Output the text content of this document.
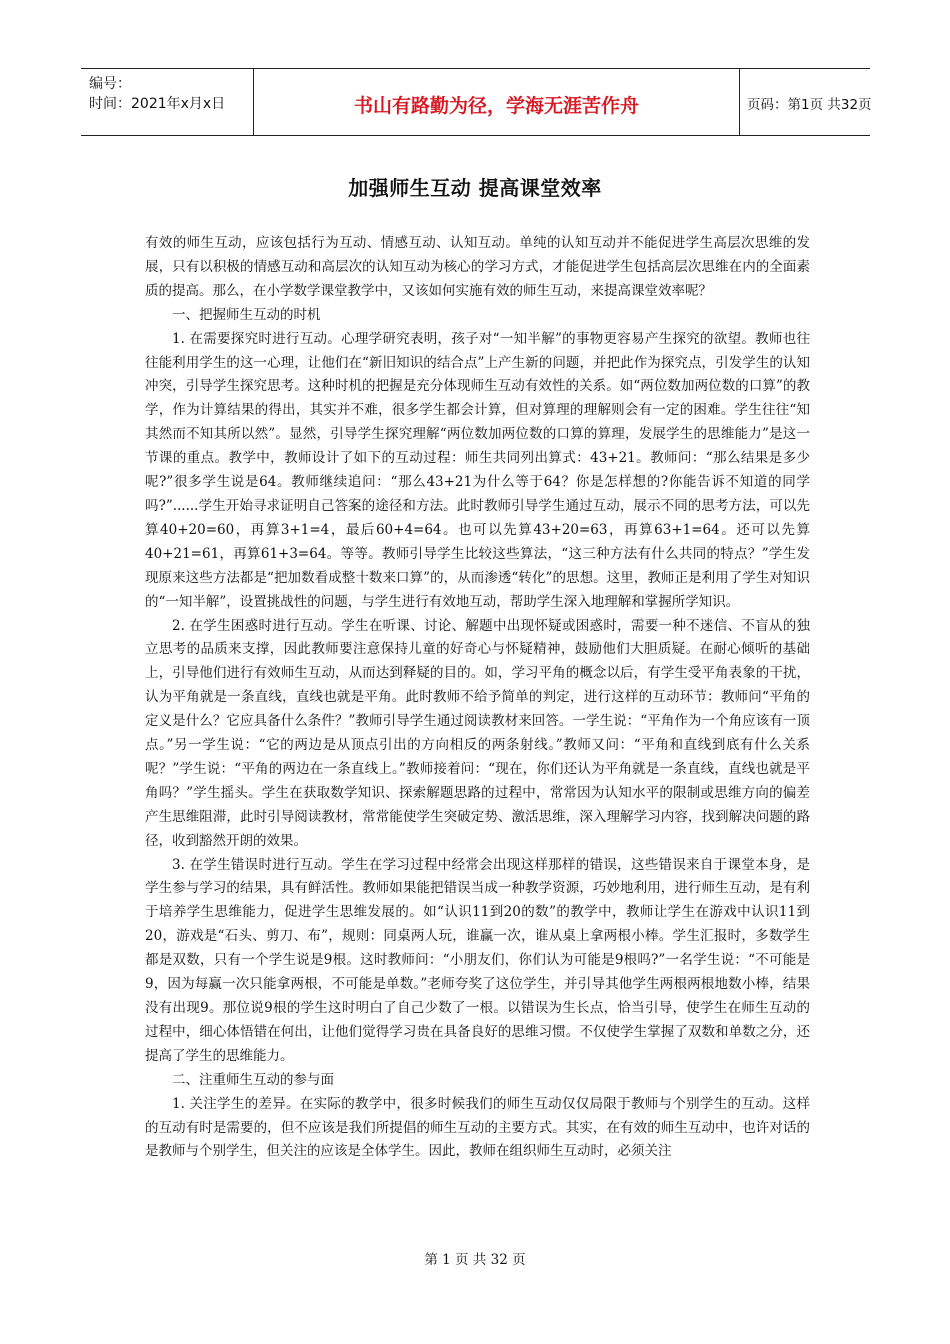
编号：
时间：2021年x月x日	书山有路勤为径，学海无涯苦作舟	页码：第1页 共32页
加强师生互动 提高课堂效率

有效的师生互动，应该包括行为互动、情感互动、认知互动。单纯的认知互动并不能促进学生高层次思维的发展，只有以积极的情感互动和高层次的认知互动为核心的学习方式，才能促进学生包括高层次思维在内的全面素质的提高。那么，在小学数学课堂教学中，又该如何实施有效的师生互动，来提高课堂效率呢？

一、把握师生互动的时机

1. 在需要探究时进行互动。心理学研究表明，孩子对“一知半解”的事物更容易产生探究的欲望。教师也往往能利用学生的这一心理，让他们在“新旧知识的结合点”上产生新的问题，并把此作为探究点，引发学生的认知冲突，引导学生探究思考。这种时机的把握是充分体现师生互动有效性的关系。如“两位数加两位数的口算”的教学，作为计算结果的得出，其实并不难，很多学生都会计算，但对算理的理解则会有一定的困难。学生往往“知其然而不知其所以然”。显然，引导学生探究理解“两位数加两位数的口算的算理，发展学生的思维能力”是这一节课的重点。教学中，教师设计了如下的互动过程：师生共同列出算式：43+21。教师问：“那么结果是多少呢?”很多学生说是64。教师继续追问：“那么43+21为什么等于64？你是怎样想的?你能告诉不知道的同学吗?”......学生开始寻求证明自己答案的途径和方法。此时教师引导学生通过互动，展示不同的思考方法，可以先算40+20=60，再算3+1=4，最后60+4=64。也可以先算43+20=63，再算63+1=64。还可以先算40+21=61，再算61+3=64。等等。教师引导学生比较这些算法，“这三种方法有什么共同的特点？”学生发现原来这些方法都是“把加数看成整十数来口算”的，从而渗透“转化”的思想。这里，教师正是利用了学生对知识的“一知半解”，设置挑战性的问题，与学生进行有效地互动，帮助学生深入地理解和掌握所学知识。

2. 在学生困惑时进行互动。学生在听课、讨论、解题中出现怀疑或困惑时，需要一种不迷信、不盲从的独立思考的品质来支撑，因此教师要注意保持儿童的好奇心与怀疑精神，鼓励他们大胆质疑。在耐心倾听的基础上，引导他们进行有效师生互动，从而达到释疑的目的。如，学习平角的概念以后，有学生受平角表象的干扰，认为平角就是一条直线，直线也就是平角。此时教师不给予简单的判定，进行这样的互动环节：教师问“平角的定义是什么？它应具备什么条件？”教师引导学生通过阅读教材来回答。一学生说：“平角作为一个角应该有一顶点。”另一学生说：“它的两边是从顶点引出的方向相反的两条射线。”教师又问：“平角和直线到底有什么关系呢？”学生说：“平角的两边在一条直线上。”教师接着问：“现在，你们还认为平角就是一条直线，直线也就是平角吗？”学生摇头。学生在获取数学知识、探索解题思路的过程中，常常因为认知水平的限制或思维方向的偏差产生思维阻滞，此时引导阅读教材，常常能使学生突破定势、激活思维，深入理解学习内容，找到解决问题的路径，收到豁然开朗的效果。

3. 在学生错误时进行互动。学生在学习过程中经常会出现这样那样的错误，这些错误来自于课堂本身，是学生参与学习的结果，具有鲜活性。教师如果能把错误当成一种教学资源，巧妙地利用，进行师生互动，是有利于培养学生思维能力，促进学生思维发展的。如“认识11到20的数”的教学中，教师让学生在游戏中认识11到20，游戏是“石头、剪刀、布”，规则：同桌两人玩，谁赢一次，谁从桌上拿两根小棒。学生汇报时，多数学生都是双数，只有一个学生说是9根。这时教师问：“小朋友们，你们认为可能是9根吗?”一名学生说：“不可能是9，因为每赢一次只能拿两根，不可能是单数。”老师夸奖了这位学生，并引导其他学生两根两根地数小棒，结果没有出现9。那位说9根的学生这时明白了自己少数了一根。以错误为生长点，恰当引导，使学生在师生互动的过程中，细心体悟错在何出，让他们觉得学习贵在具备良好的思维习惯。不仅使学生掌握了双数和单数之分，还提高了学生的思维能力。

二、注重师生互动的参与面

1. 关注学生的差异。在实际的教学中，很多时候我们的师生互动仅仅局限于教师与个别学生的互动。这样的互动有时是需要的，但不应该是我们所提倡的师生互动的主要方式。其实，在有效的师生互动中，也许对话的是教师与个别学生，但关注的应该是全体学生。因此，教师在组织师生互动时，必须关注

第 1 页 共 32 页
